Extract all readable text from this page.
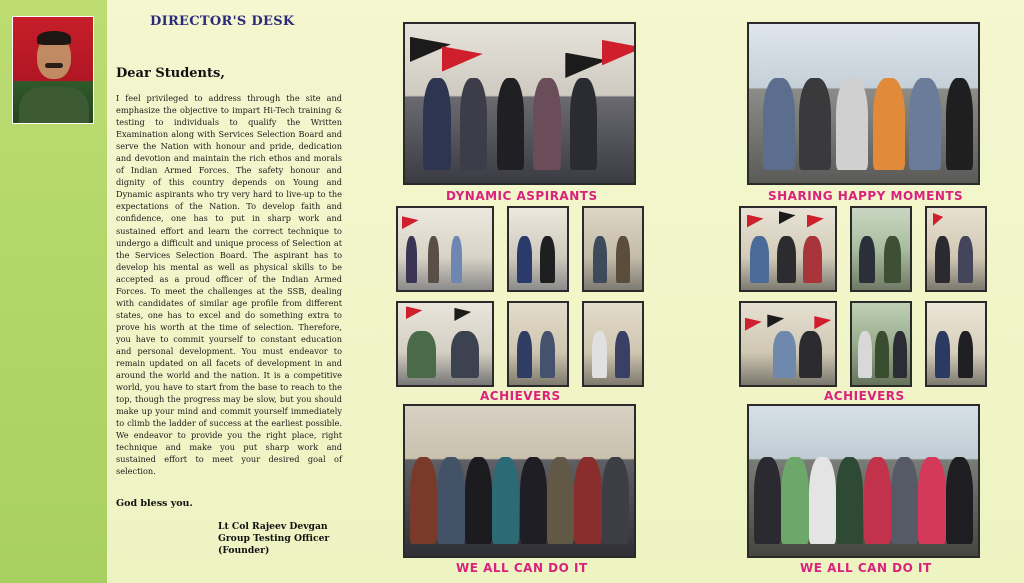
DIRECTOR'S DESK
Dear Students,
I feel privileged to address through the site and emphasize the objective to impart Hi-Tech training & testing to individuals to qualify the Written Examination along with Services Selection Board and serve the Nation with honour and pride, dedication and devotion and maintain the rich ethos and morals of Indian Armed Forces. The safety honour and dignity of this country depends on Young and Dynamic aspirants who try very hard to live-up to the expectations of the Nation. To develop faith and confidence, one has to put in sharp work and sustained effort and learn the correct technique to undergo a difficult and unique process of Selection at the Services Selection Board. The aspirant has to develop his mental as well as physical skills to be accepted as a proud officer of the Indian Armed Forces. To meet the challenges at the SSB, dealing with candidates of similar age profile from different states, one has to excel and do something extra to prove his worth at the time of selection. Therefore, you have to commit yourself to constant education and personal development. You must endeavor to remain updated on all facets of development in and around the world and the nation. It is a competitive world, you have to start from the base to reach to the top, though the progress may be slow, but you should make up your mind and commit yourself immediately to climb the ladder of success at the earliest possible. We endeavor to provide you the right place, right technique and make you put sharp work and sustained effort to meet your desired goal of selection.
God bless you.
Lt Col Rajeev Devgan
Group Testing Officer
(Founder)
DYNAMIC ASPIRANTS
ACHIEVERS
WE ALL CAN DO IT
SHARING HAPPY MOMENTS
ACHIEVERS
WE ALL CAN DO IT
